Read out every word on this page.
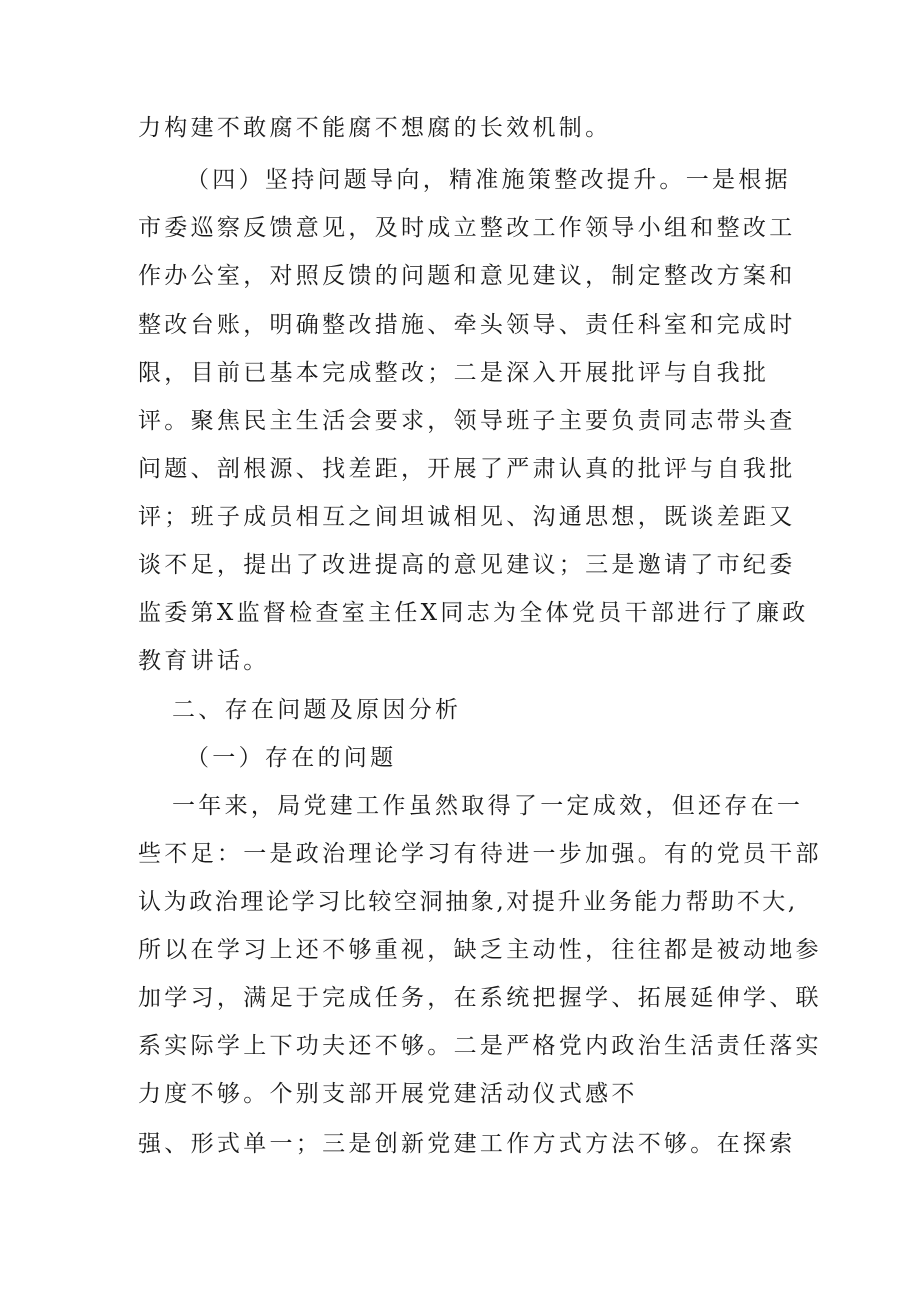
力构建不敢腐不能腐不想腐的长效机制。
（四）坚持问题导向，精准施策整改提升。一是根据
市委巡察反馈意见，及时成立整改工作领导小组和整改工
作办公室，对照反馈的问题和意见建议，制定整改方案和
整改台账，明确整改措施、牵头领导、责任科室和完成时
限，目前已基本完成整改；二是深入开展批评与自我批
评。聚焦民主生活会要求，领导班子主要负责同志带头查
问题、剖根源、找差距，开展了严肃认真的批评与自我批
评；班子成员相互之间坦诚相见、沟通思想，既谈差距又
谈不足，提出了改进提高的意见建议；三是邀请了市纪委
监委第X监督检查室主任X同志为全体党员干部进行了廉政
教育讲话。
二、存在问题及原因分析
（一）存在的问题
一年来，局党建工作虽然取得了一定成效，但还存在一
些不足：一是政治理论学习有待进一步加强。有的党员干部
认为政治理论学习比较空洞抽象,对提升业务能力帮助不大,
所以在学习上还不够重视，缺乏主动性，往往都是被动地参
加学习，满足于完成任务，在系统把握学、拓展延伸学、联
系实际学上下功夫还不够。二是严格党内政治生活责任落实
力度不够。个别支部开展党建活动仪式感不
强、形式单一；三是创新党建工作方式方法不够。在探索
